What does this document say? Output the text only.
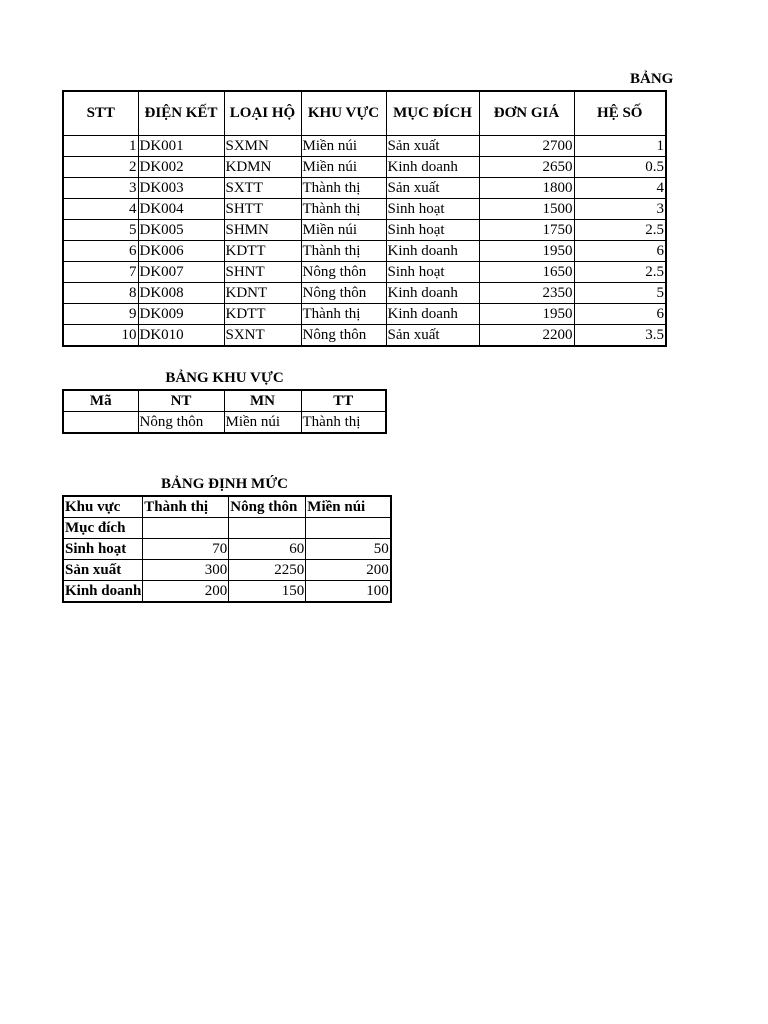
BẢNG
STT	ĐIỆN KẾT	LOẠI HỘ	KHU VỰC	MỤC ĐÍCH	ĐƠN GIÁ	HỆ SỐ
1	DK001	SXMN	Miền núi	Sản xuất	2700	1
2	DK002	KDMN	Miền núi	Kinh doanh	2650	0.5
3	DK003	SXTT	Thành thị	Sản xuất	1800	4
4	DK004	SHTT	Thành thị	Sinh hoạt	1500	3
5	DK005	SHMN	Miền núi	Sinh hoạt	1750	2.5
6	DK006	KDTT	Thành thị	Kinh doanh	1950	6
7	DK007	SHNT	Nông thôn	Sinh hoạt	1650	2.5
8	DK008	KDNT	Nông thôn	Kinh doanh	2350	5
9	DK009	KDTT	Thành thị	Kinh doanh	1950	6
10	DK010	SXNT	Nông thôn	Sản xuất	2200	3.5
BẢNG KHU VỰC
Mã	NT	MN	TT
	Nông thôn	Miền núi	Thành thị
BẢNG ĐỊNH MỨC
Khu vực	Thành thị	Nông thôn	Miền núi
Mục đích			
Sinh hoạt	70	60	50
Sản xuất	300	2250	200
Kinh doanh	200	150	100
